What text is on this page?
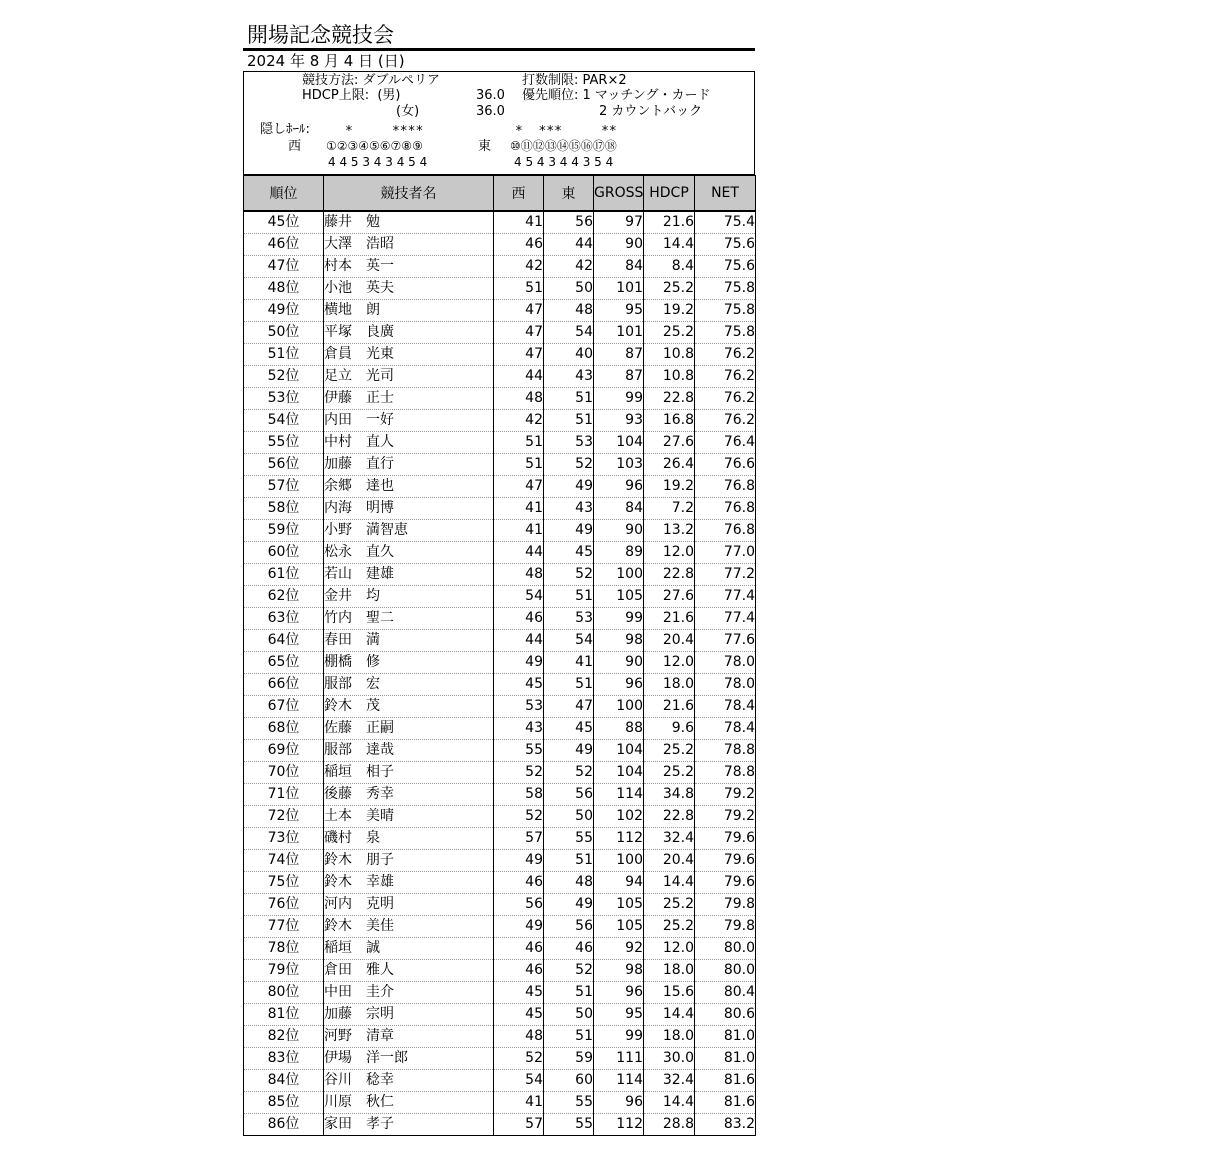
開場記念競技会
2024 年 8 月 4 日 (日)
競技方法: ダブルペリア
HDCP上限:  (男)	36.0
(女)	36.0
打数制限: PAR×2
優先順位: 1 マッチング・カード
2 カウントバック
隠しﾎｰﾙ:	*     ****	*  ***     **
西 ①②③④⑤⑥⑦⑧⑨	東 ⑩⑪⑫⑬⑭⑮⑯⑰⑱
4 4 5 3 4 3 4 5 4	4 5 4 3 4 4 3 5 4
順位	競技者名	西	東	GROSS	HDCP	NET
45位	藤井　勉	41	56	97	21.6	75.4
46位	大澤　浩昭	46	44	90	14.4	75.6
47位	村本　英一	42	42	84	8.4	75.6
48位	小池　英夫	51	50	101	25.2	75.8
49位	横地　朗	47	48	95	19.2	75.8
50位	平塚　良廣	47	54	101	25.2	75.8
51位	倉員　光東	47	40	87	10.8	76.2
52位	足立　光司	44	43	87	10.8	76.2
53位	伊藤　正士	48	51	99	22.8	76.2
54位	内田　一好	42	51	93	16.8	76.2
55位	中村　直人	51	53	104	27.6	76.4
56位	加藤　直行	51	52	103	26.4	76.6
57位	余郷　達也	47	49	96	19.2	76.8
58位	内海　明博	41	43	84	7.2	76.8
59位	小野　満智恵	41	49	90	13.2	76.8
60位	松永　直久	44	45	89	12.0	77.0
61位	若山　建雄	48	52	100	22.8	77.2
62位	金井　均	54	51	105	27.6	77.4
63位	竹内　聖二	46	53	99	21.6	77.4
64位	春田　満	44	54	98	20.4	77.6
65位	棚橋　修	49	41	90	12.0	78.0
66位	服部　宏	45	51	96	18.0	78.0
67位	鈴木　茂	53	47	100	21.6	78.4
68位	佐藤　正嗣	43	45	88	9.6	78.4
69位	服部　達哉	55	49	104	25.2	78.8
70位	稲垣　相子	52	52	104	25.2	78.8
71位	後藤　秀幸	58	56	114	34.8	79.2
72位	土本　美晴	52	50	102	22.8	79.2
73位	磯村　泉	57	55	112	32.4	79.6
74位	鈴木　朋子	49	51	100	20.4	79.6
75位	鈴木　幸雄	46	48	94	14.4	79.6
76位	河内　克明	56	49	105	25.2	79.8
77位	鈴木　美佳	49	56	105	25.2	79.8
78位	稲垣　誠	46	46	92	12.0	80.0
79位	倉田　雅人	46	52	98	18.0	80.0
80位	中田　圭介	45	51	96	15.6	80.4
81位	加藤　宗明	45	50	95	14.4	80.6
82位	河野　清章	48	51	99	18.0	81.0
83位	伊場　洋一郎	52	59	111	30.0	81.0
84位	谷川　稔幸	54	60	114	32.4	81.6
85位	川原　秋仁	41	55	96	14.4	81.6
86位	家田　孝子	57	55	112	28.8	83.2
